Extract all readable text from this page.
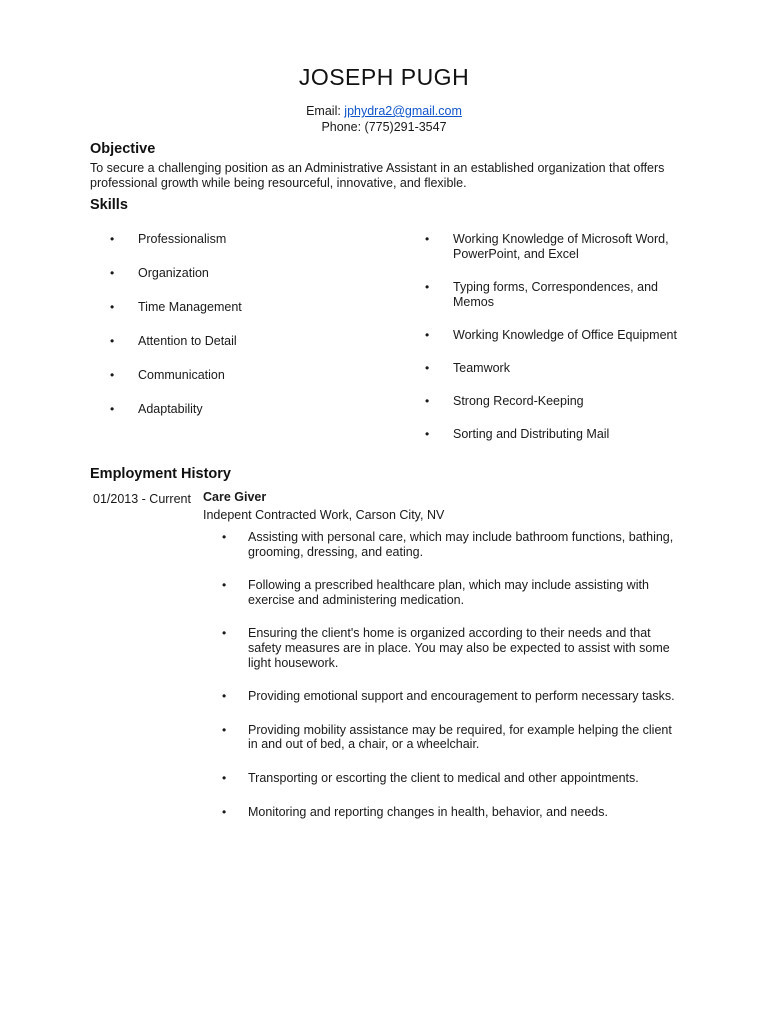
JOSEPH PUGH
Email: jphydra2@gmail.com
Phone: (775)291-3547
Objective
To secure a challenging position as an Administrative Assistant in an established organization that offers professional growth while being resourceful, innovative, and flexible.
Skills
• Professionalism
• Organization
• Time Management
• Attention to Detail
• Communication
• Adaptability
• Working Knowledge of Microsoft Word, PowerPoint, and Excel
• Typing forms, Correspondences, and Memos
• Working Knowledge of Office Equipment
• Teamwork
• Strong Record-Keeping
• Sorting and Distributing Mail
Employment History
01/2013 - Current Care Giver
Indepent Contracted Work, Carson City, NV
• Assisting with personal care, which may include bathroom functions, bathing, grooming, dressing, and eating.
• Following a prescribed healthcare plan, which may include assisting with exercise and administering medication.
• Ensuring the client's home is organized according to their needs and that safety measures are in place. You may also be expected to assist with some light housework.
• Providing emotional support and encouragement to perform necessary tasks.
• Providing mobility assistance may be required, for example helping the client in and out of bed, a chair, or a wheelchair.
• Transporting or escorting the client to medical and other appointments.
• Monitoring and reporting changes in health, behavior, and needs.
